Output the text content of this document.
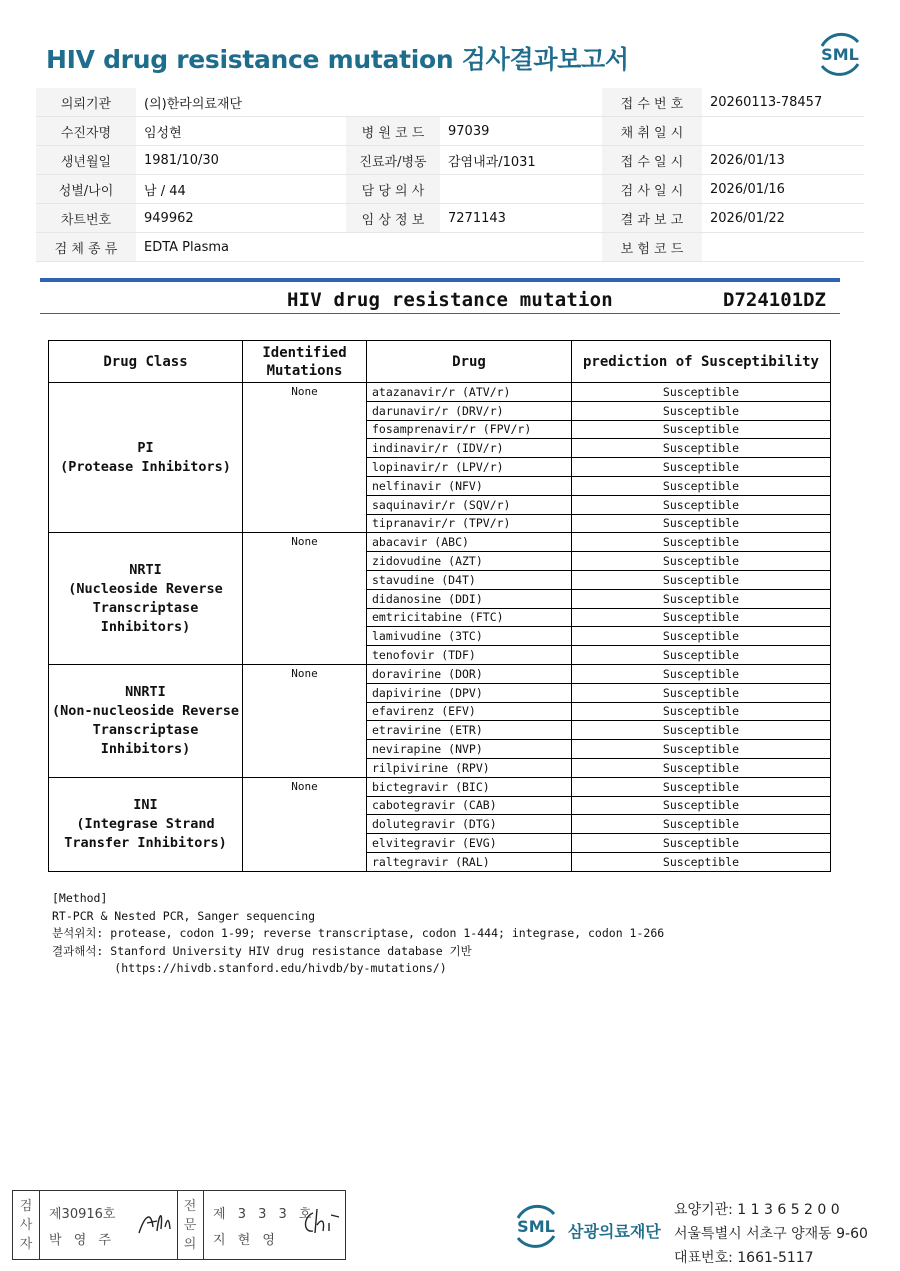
HIV drug resistance mutation 검사결과보고서	SML
의뢰기관	(의)한라의료재단			접 수 번 호	20260113-78457
수진자명	임성현	병 원 코 드	97039	채 취 일 시	
생년월일	1981/10/30	진료과/병동	감염내과/1031	접 수 일 시	2026/01/13
성별/나이	남 / 44	담 당 의 사		검 사 일 시	2026/01/16
차트번호	949962	임 상 정 보	7271143	결 과 보 고	2026/01/22
검 체 종 류	EDTA Plasma			보 험 코 드	
HIV drug resistance mutation	D724101DZ
Drug Class	Identified
Mutations	Drug	prediction of Susceptibility
PI
(Protease Inhibitors)	None	atazanavir/r (ATV/r)	Susceptible
		darunavir/r (DRV/r)	Susceptible
		fosamprenavir/r (FPV/r)	Susceptible
		indinavir/r (IDV/r)	Susceptible
		lopinavir/r (LPV/r)	Susceptible
		nelfinavir (NFV)	Susceptible
		saquinavir/r (SQV/r)	Susceptible
		tipranavir/r (TPV/r)	Susceptible
NRTI
(Nucleoside Reverse
Transcriptase Inhibitors)	None	abacavir (ABC)	Susceptible
		zidovudine (AZT)	Susceptible
		stavudine (D4T)	Susceptible
		didanosine (DDI)	Susceptible
		emtricitabine (FTC)	Susceptible
		lamivudine (3TC)	Susceptible
		tenofovir (TDF)	Susceptible
NNRTI
(Non-nucleoside Reverse
Transcriptase Inhibitors)	None	doravirine (DOR)	Susceptible
		dapivirine (DPV)	Susceptible
		efavirenz (EFV)	Susceptible
		etravirine (ETR)	Susceptible
		nevirapine (NVP)	Susceptible
		rilpivirine (RPV)	Susceptible
INI
(Integrase Strand
Transfer Inhibitors)	None	bictegravir (BIC)	Susceptible
		cabotegravir (CAB)	Susceptible
		dolutegravir (DTG)	Susceptible
		elvitegravir (EVG)	Susceptible
		raltegravir (RAL)	Susceptible
[Method]
RT-PCR & Nested PCR, Sanger sequencing
분석위치: protease, codon 1-99; reverse transcriptase, codon 1-444; integrase, codon 1-266
결과해석: Stanford University HIV drug resistance database 기반
(https://hivdb.stanford.edu/hivdb/by-mutations/)
검
사
자
제30916호
박 영 주
전
문
의
제 3 3 3 호
지 현 영
SML 삼광의료재단
요양기관: 1 1 3 6 5 2 0 0
서울특별시 서초구 양재동 9-60
대표번호: 1661-5117
